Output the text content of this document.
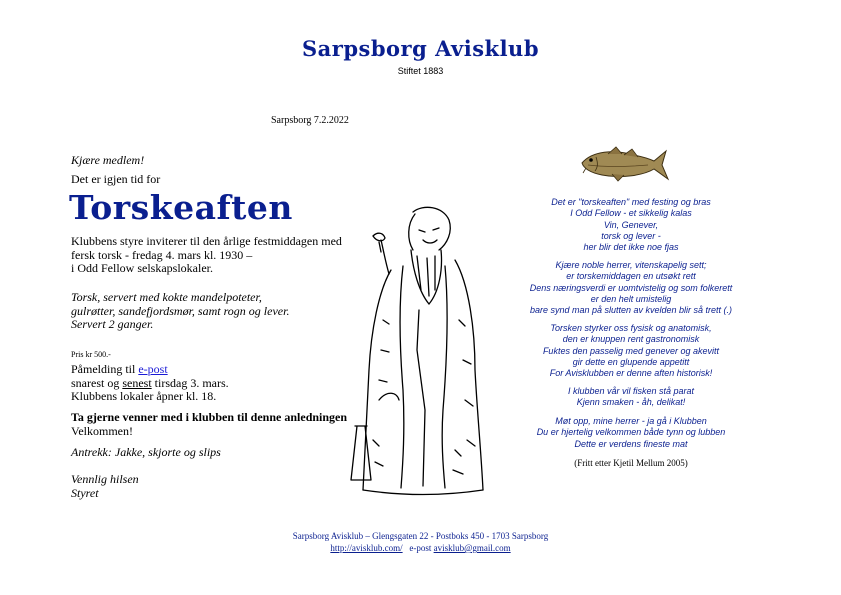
Sarpsborg Avisklub
Stiftet 1883
Sarpsborg 7.2.2022
Kjære medlem!
Det er igjen tid for
Torskeaften
Klubbens styre inviterer til den årlige festmiddagen med
fersk torsk - fredag 4. mars kl. 1930 –
i Odd Fellow selskapslokaler.
Torsk, servert med kokte mandelpoteter,
gulrøtter, sandefjordsmør, samt rogn og lever.
Servert 2 ganger.
Pris kr 500.-
Påmelding til e-post
snarest og senest tirsdag 3. mars.
Klubbens lokaler åpner kl. 18.
Ta gjerne venner med i klubben til denne anledningen
Velkommen!
Antrekk: Jakke, skjorte og slips
Vennlig hilsen
Styret
Det er "torskeaften" med festing og bras
I Odd Fellow - et sikkelig kalas
Vin, Genever,
torsk og lever -
her blir det ikke noe fjas
Kjære noble herrer, vitenskapelig sett;
er torskemiddagen en utsøkt rett
Dens næringsverdi er uomtvistelig og som folkerett
er den helt umistelig
bare synd man på slutten av kvelden blir så trett (.)
Torsken styrker oss fysisk og anatomisk,
den er knuppen rent gastronomisk
Fuktes den passelig med genever og akevitt
gir dette en glupende appetitt
For Avisklubben er denne aften historisk!
I klubben vår vil fisken stå parat
Kjenn smaken - åh, delikat!
Møt opp, mine herrer - ja gå i Klubben
Du er hjertelig velkommen både tynn og lubben
Dette er verdens fineste mat
(Fritt etter Kjetil Mellum 2005)
Sarpsborg Avisklub – Glengsgaten 22 - Postboks 450 - 1703 Sarpsborg
http://avisklub.com/ e-post avisklub@gmail.com
